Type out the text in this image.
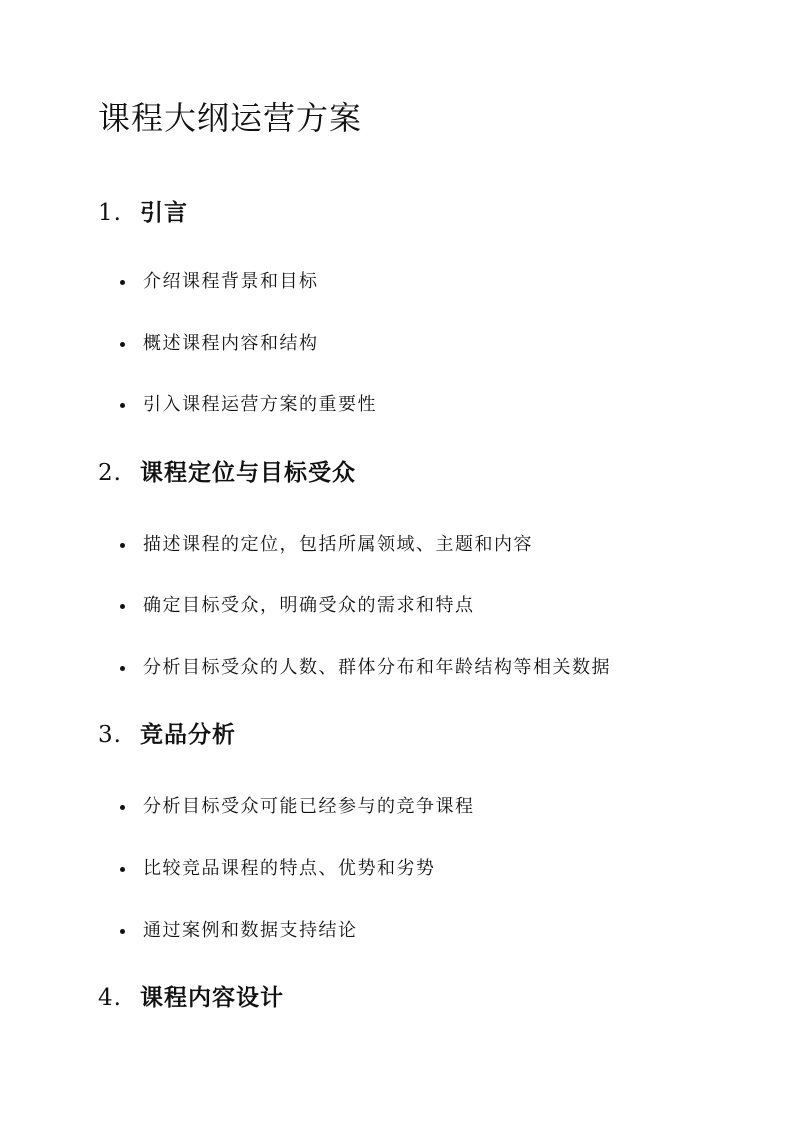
课程大纲运营方案
1. 引言
介绍课程背景和目标
概述课程内容和结构
引入课程运营方案的重要性
2. 课程定位与目标受众
描述课程的定位，包括所属领域、主题和内容
确定目标受众，明确受众的需求和特点
分析目标受众的人数、群体分布和年龄结构等相关数据
3. 竞品分析
分析目标受众可能已经参与的竞争课程
比较竞品课程的特点、优势和劣势
通过案例和数据支持结论
4. 课程内容设计
